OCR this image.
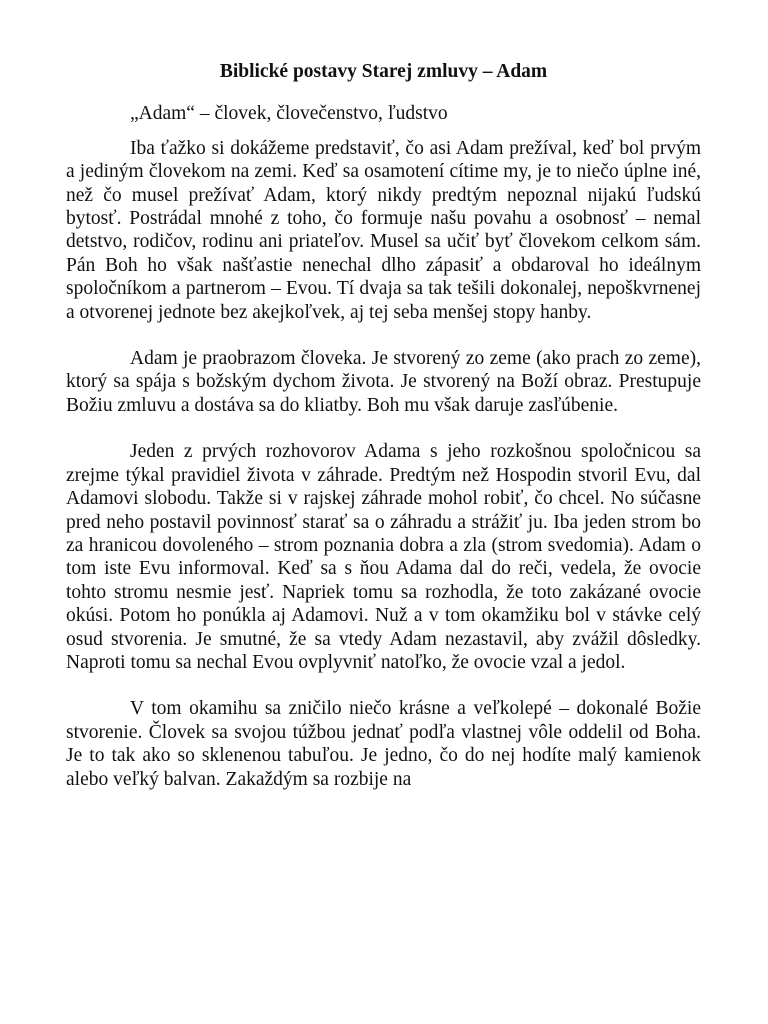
Biblické postavy Starej zmluvy – Adam
„Adam“ – človek, človečenstvo, ľudstvo

Iba ťažko si dokážeme predstaviť, čo asi Adam prežíval, keď bol prvým a jediným človekom na zemi. Keď sa osamotení cítime my, je to niečo úplne iné, než čo musel prežívať Adam, ktorý nikdy predtým nepoznal nijakú ľudskú bytosť. Postrádal mnohé z toho, čo formuje našu povahu a osobnosť – nemal detstvo, rodičov, rodinu ani priateľov. Musel sa učiť byť človekom celkom sám. Pán Boh ho však našťastie nenechal dlho zápasiť a obdaroval ho ideálnym spoločníkom a partnerom – Evou. Tí dvaja sa tak tešili dokonalej, nepoškvrnenej a otvorenej jednote bez akejkoľvek, aj tej seba menšej stopy hanby.

Adam je praobrazom človeka. Je stvorený zo zeme (ako prach zo zeme), ktorý sa spája s božským dychom života. Je stvorený na Boží obraz. Prestupuje Božiu zmluvu a dostáva sa do kliatby. Boh mu však daruje zasľúbenie.

Jeden z prvých rozhovorov Adama s jeho rozkošnou spoločnicou sa zrejme týkal pravidiel života v záhrade. Predtým než Hospodin stvoril Evu, dal Adamovi slobodu. Takže si v rajskej záhrade mohol robiť, čo chcel. No súčasne pred neho postavil povinnosť starať sa o záhradu a strážiť ju. Iba jeden strom bo za hranicou dovoleného – strom poznania dobra a zla (strom svedomia). Adam o tom iste Evu informoval. Keď sa s ňou Adama dal do reči, vedela, že ovocie tohto stromu nesmie jesť. Napriek tomu sa rozhodla, že toto zakázané ovocie okúsi. Potom ho ponúkla aj Adamovi. Nuž a v tom okamžiku bol v stávke celý osud stvorenia. Je smutné, že sa vtedy Adam nezastavil, aby zvážil dôsledky. Naproti tomu sa nechal Evou ovplyvniť natoľko, že ovocie vzal a jedol.

V tom okamihu sa zničilo niečo krásne a veľkolepé – dokonalé Božie stvorenie. Človek sa svojou túžbou jednať podľa vlastnej vôle oddelil od Boha. Je to tak ako so sklenenou tabuľou. Je jedno, čo do nej hodíte malý kamienok alebo veľký balvan. Zakaždým sa rozbije na
